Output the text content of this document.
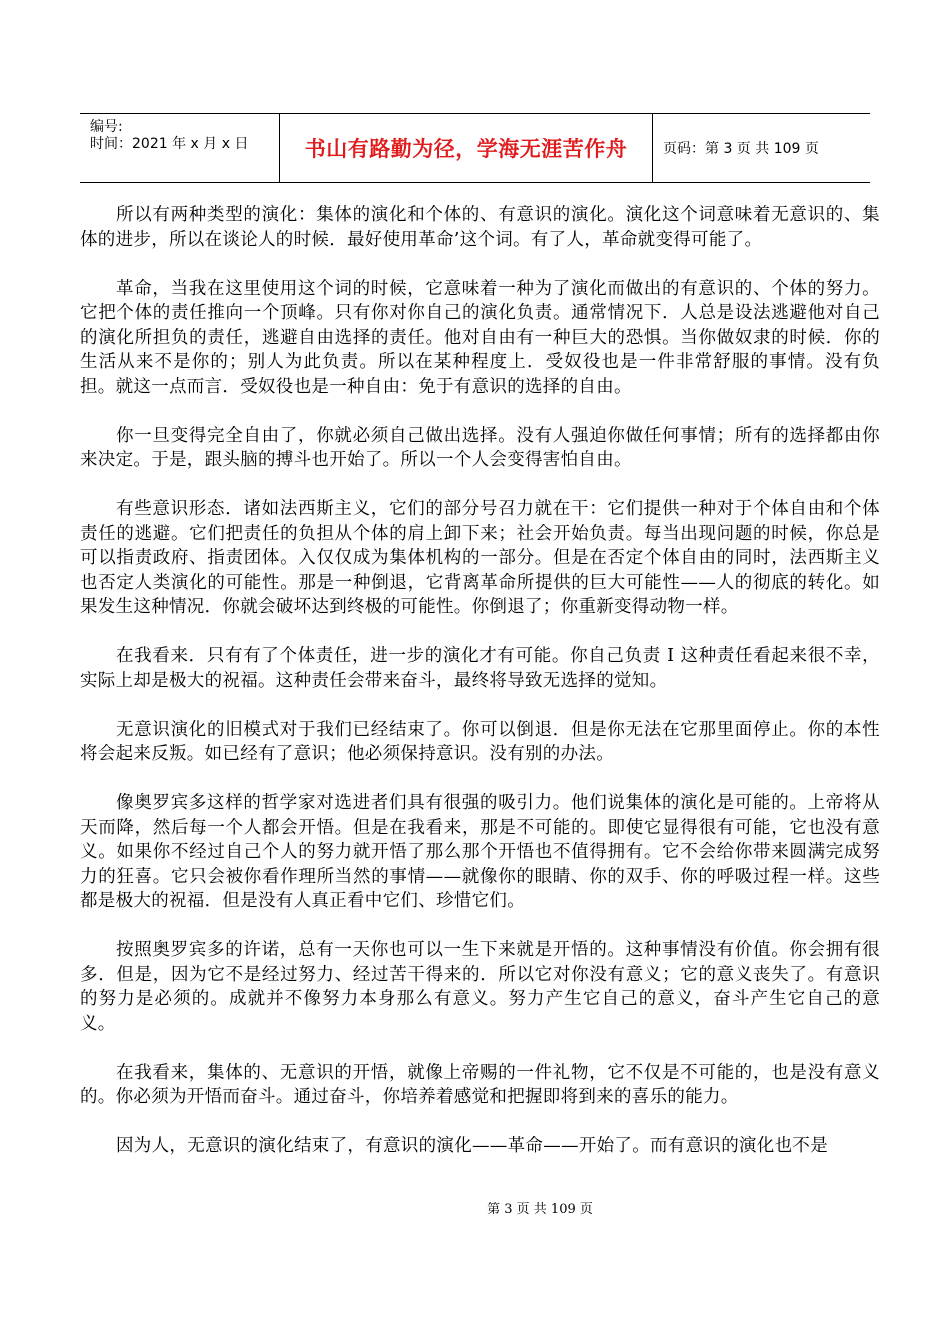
编号:
时间：2021 年 x 月 x 日	书山有路勤为径，学海无涯苦作舟	页码：第 3 页 共 109 页

所以有两种类型的演化：集体的演化和个体的、有意识的演化。演化这个词意味着无意识的、集体的进步，所以在谈论人的时候．最好使用革命’这个词。有了人，革命就变得可能了。

革命，当我在这里使用这个词的时候，它意味着一种为了演化而做出的有意识的、个体的努力。它把个体的责任推向一个顶峰。只有你对你自己的演化负责。通常情况下．人总是设法逃避他对自己的演化所担负的责任，逃避自由选择的责任。他对自由有一种巨大的恐惧。当你做奴隶的时候．你的生活从来不是你的；别人为此负责。所以在某种程度上．受奴役也是一件非常舒服的事情。没有负担。就这一点而言．受奴役也是一种自由：免于有意识的选择的自由。

你一旦变得完全自由了，你就必须自己做出选择。没有人强迫你做任何事情；所有的选择都由你来决定。于是，跟头脑的搏斗也开始了。所以一个人会变得害怕自由。

有些意识形态．诸如法西斯主义，它们的部分号召力就在干：它们提供一种对于个体自由和个体责任的逃避。它们把责任的负担从个体的肩上卸下来；社会开始负责。每当出现问题的时候，你总是可以指责政府、指责团体。入仅仅成为集体机构的一部分。但是在否定个体自由的同时，法西斯主义也否定人类演化的可能性。那是一种倒退，它背离革命所提供的巨大可能性——人的彻底的转化。如果发生这种情况．你就会破坏达到终极的可能性。你倒退了；你重新变得动物一样。

在我看来．只有有了个体责任，进一步的演化才有可能。你自己负责 I 这种责任看起来很不幸，实际上却是极大的祝福。这种责任会带来奋斗，最终将导致无选择的觉知。

无意识演化的旧模式对于我们已经结束了。你可以倒退．但是你无法在它那里面停止。你的本性将会起来反叛。如已经有了意识；他必须保持意识。没有别的办法。

像奥罗宾多这样的哲学家对选进者们具有很强的吸引力。他们说集体的演化是可能的。上帝将从天而降，然后每一个人都会开悟。但是在我看来，那是不可能的。即使它显得很有可能，它也没有意义。如果你不经过自己个人的努力就开悟了那么那个开悟也不值得拥有。它不会给你带来圆满完成努力的狂喜。它只会被你看作理所当然的事情——就像你的眼睛、你的双手、你的呼吸过程一样。这些都是极大的祝福．但是没有人真正看中它们、珍惜它们。

按照奥罗宾多的许诺，总有一天你也可以一生下来就是开悟的。这种事情没有价值。你会拥有很多．但是，因为它不是经过努力、经过苦干得来的．所以它对你没有意义；它的意义丧失了。有意识的努力是必须的。成就并不像努力本身那么有意义。努力产生它自己的意义，奋斗产生它自己的意义。

在我看来，集体的、无意识的开悟，就像上帝赐的一件礼物，它不仅是不可能的，也是没有意义的。你必须为开悟而奋斗。通过奋斗，你培养着感觉和把握即将到来的喜乐的能力。

因为人，无意识的演化结束了，有意识的演化——革命——开始了。而有意识的演化也不是

第 3 页 共 109 页
